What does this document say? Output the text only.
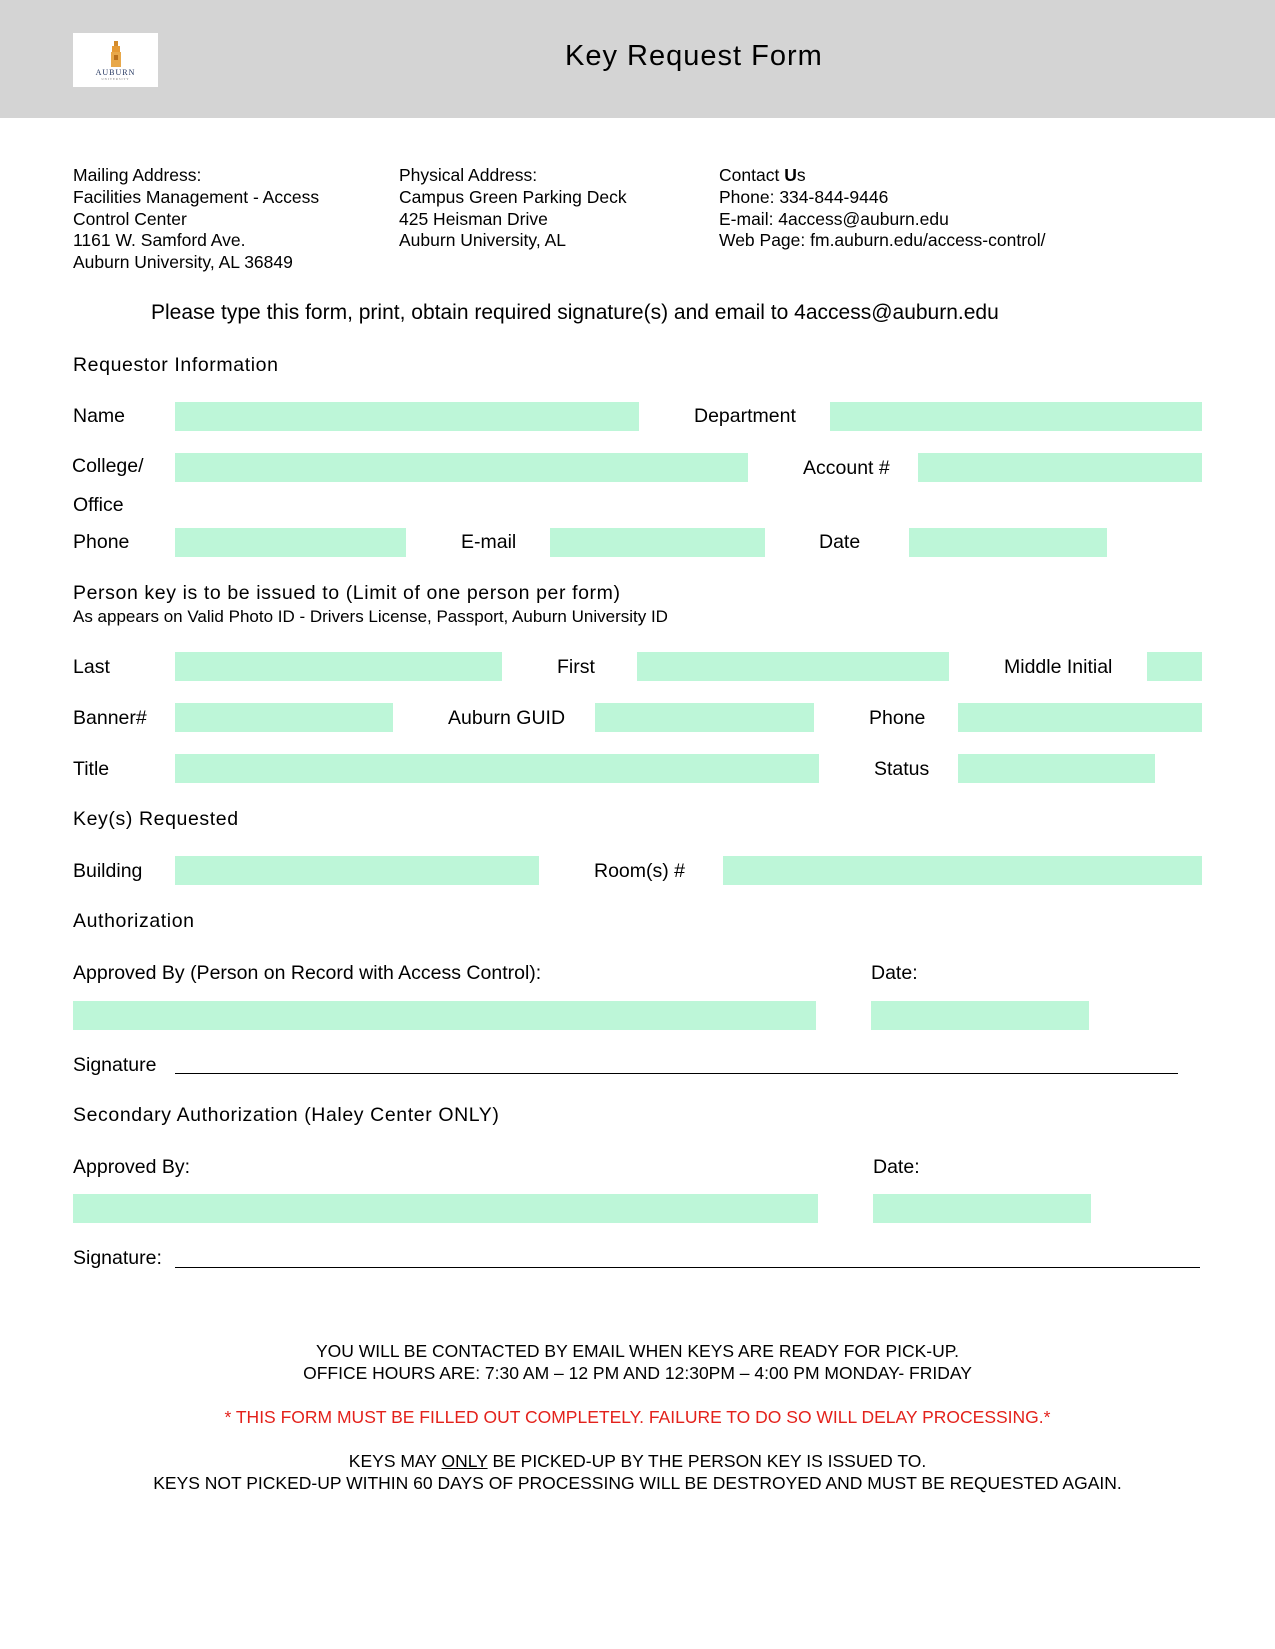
AUBURN
UNIVERSITY
Key Request Form
Mailing Address:
Facilities Management - Access
Control Center
1161 W. Samford Ave.
Auburn University, AL 36849
Physical Address:
Campus Green Parking Deck
425 Heisman Drive
Auburn University, AL
Contact Us
Phone: 334-844-9446
E-mail: 4access@auburn.edu
Web Page: fm.auburn.edu/access-control/
Please type this form, print, obtain required signature(s) and email to 4access@auburn.edu
Requestor Information
Name	Department
College/
Office
Account #
Phone	E-mail	Date
Person key is to be issued to (Limit of one person per form)
As appears on Valid Photo ID - Drivers License, Passport, Auburn University ID
Last	First	Middle Initial
Banner#	Auburn GUID	Phone
Title	Status
Key(s) Requested
Building	Room(s) #
Authorization
Approved By (Person on Record with Access Control):	Date:
Signature
Secondary Authorization (Haley Center ONLY)
Approved By:	Date:
Signature:
YOU WILL BE CONTACTED BY EMAIL WHEN KEYS ARE READY FOR PICK-UP.
OFFICE HOURS ARE: 7:30 AM – 12 PM AND 12:30PM – 4:00 PM MONDAY- FRIDAY
* THIS FORM MUST BE FILLED OUT COMPLETELY. FAILURE TO DO SO WILL DELAY PROCESSING.*
KEYS MAY ONLY BE PICKED-UP BY THE PERSON KEY IS ISSUED TO.
KEYS NOT PICKED-UP WITHIN 60 DAYS OF PROCESSING WILL BE DESTROYED AND MUST BE REQUESTED AGAIN.
